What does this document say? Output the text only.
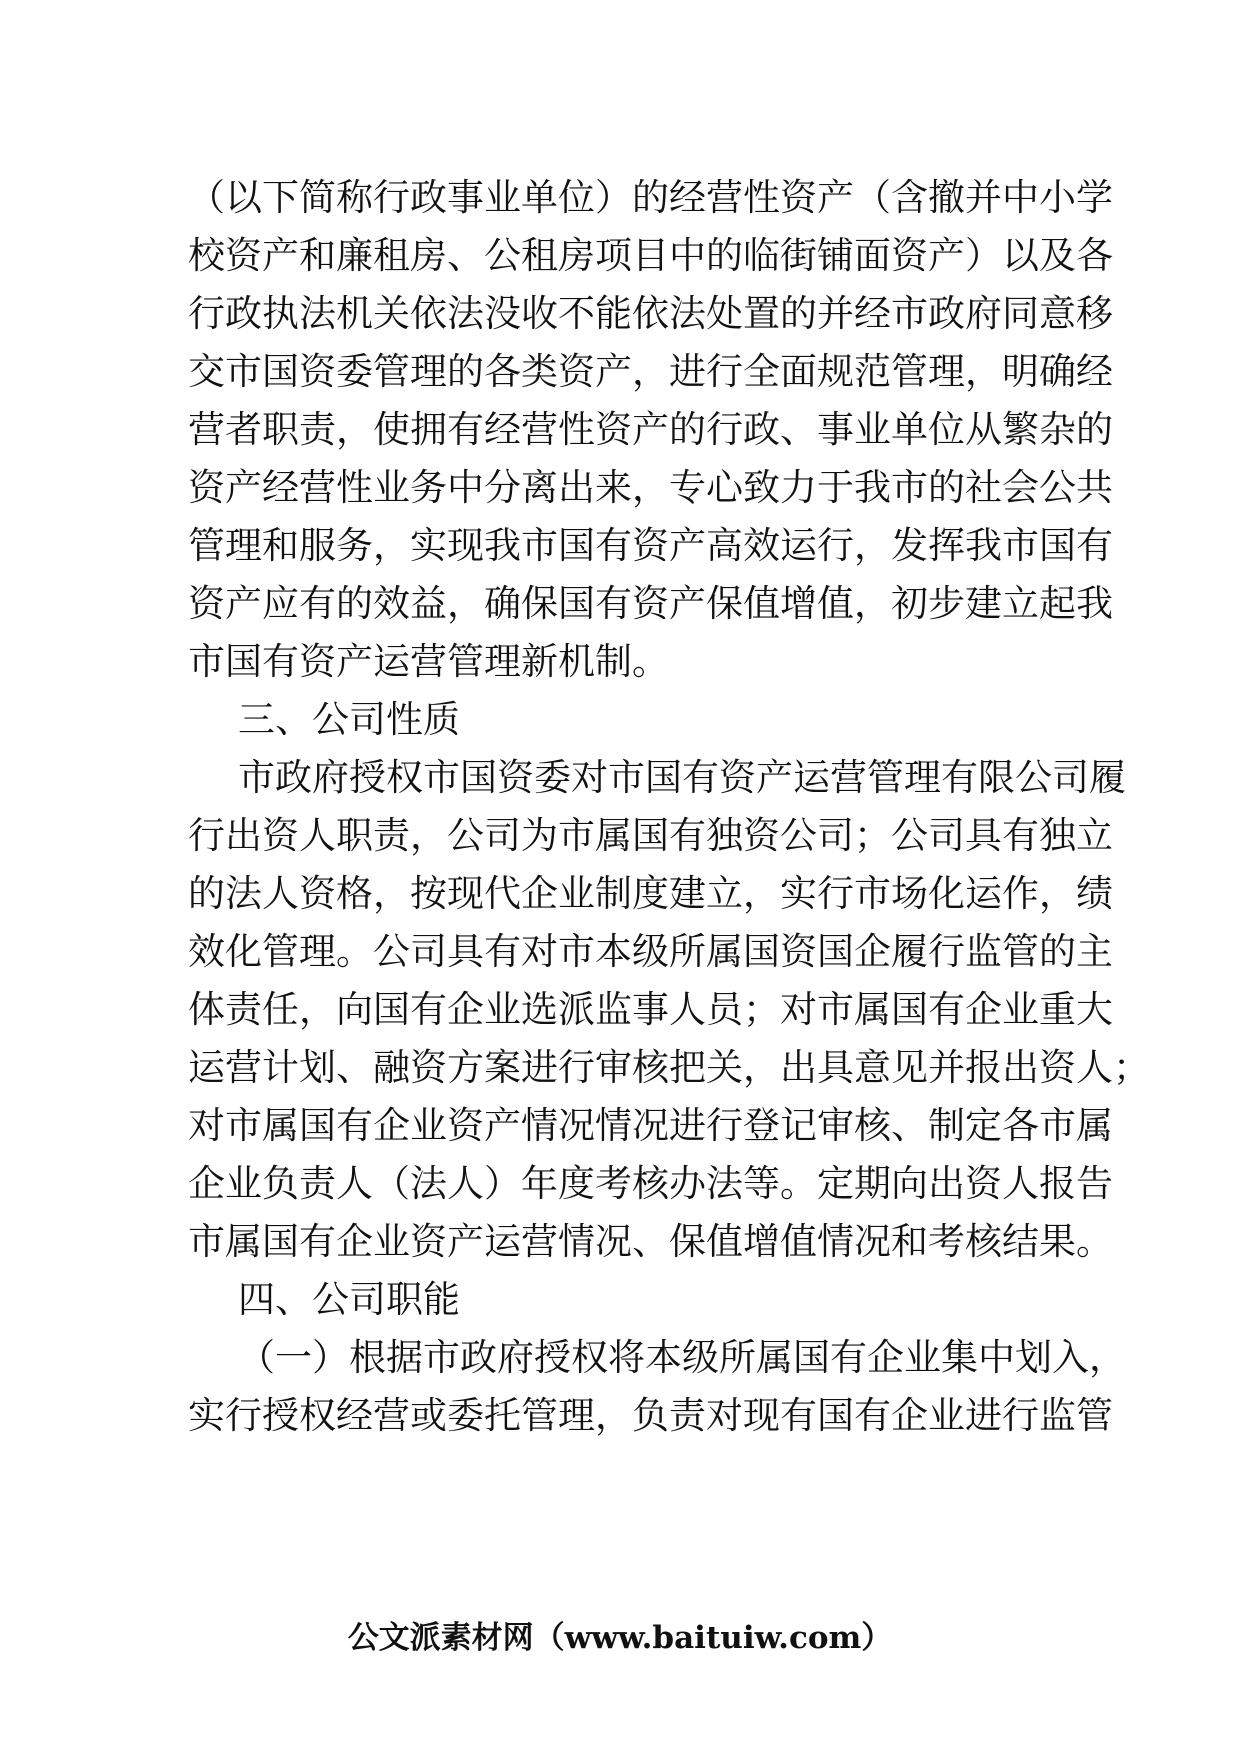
（以下简称行政事业单位）的经营性资产（含撤并中小学
校资产和廉租房、公租房项目中的临街铺面资产）以及各
行政执法机关依法没收不能依法处置的并经市政府同意移
交市国资委管理的各类资产，进行全面规范管理，明确经
营者职责，使拥有经营性资产的行政、事业单位从繁杂的
资产经营性业务中分离出来，专心致力于我市的社会公共
管理和服务，实现我市国有资产高效运行，发挥我市国有
资产应有的效益，确保国有资产保值增值，初步建立起我
市国有资产运营管理新机制。
三、公司性质
市政府授权市国资委对市国有资产运营管理有限公司履
行出资人职责，公司为市属国有独资公司；公司具有独立
的法人资格，按现代企业制度建立，实行市场化运作，绩
效化管理。公司具有对市本级所属国资国企履行监管的主
体责任，向国有企业选派监事人员；对市属国有企业重大
运营计划、融资方案进行审核把关，出具意见并报出资人；
对市属国有企业资产情况情况进行登记审核、制定各市属
企业负责人（法人）年度考核办法等。定期向出资人报告
市属国有企业资产运营情况、保值增值情况和考核结果。
四、公司职能
（一）根据市政府授权将本级所属国有企业集中划入，
实行授权经营或委托管理，负责对现有国有企业进行监管
公文派素材网（www.baituiw.com）
